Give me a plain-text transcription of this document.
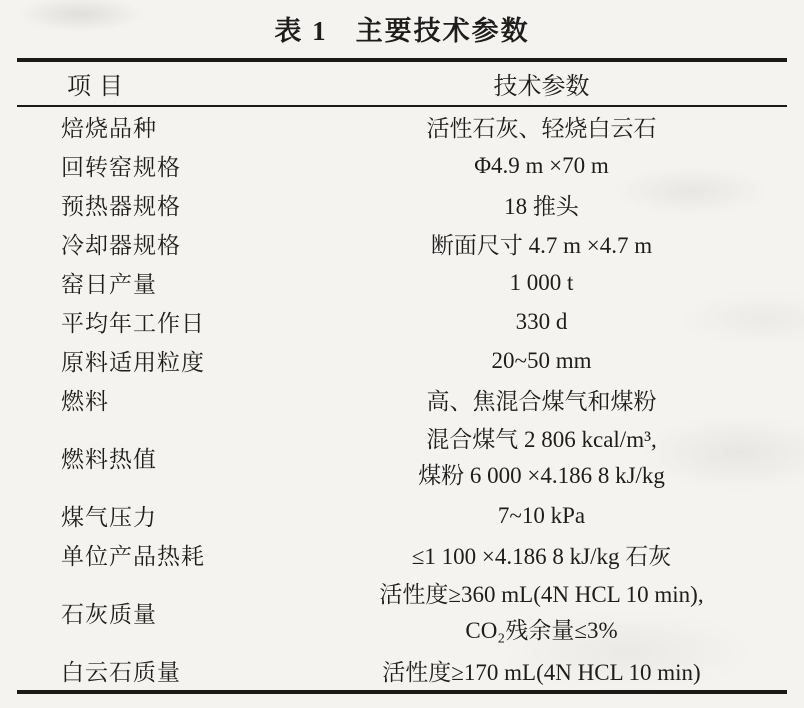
表 1 主要技术参数
项 目	技术参数
焙烧品种	活性石灰、轻烧白云石
回转窑规格	Φ4.9 m ×70 m
预热器规格	18 推头
冷却器规格	断面尺寸 4.7 m ×4.7 m
窑日产量	1 000 t
平均年工作日	330 d
原料适用粒度	20~50 mm
燃料	高、焦混合煤气和煤粉
燃料热值	混合煤气 2 806 kcal/m³,
煤粉 6 000 ×4.186 8 kJ/kg

煤气压力	7~10 kPa
单位产品热耗	≤1 100 ×4.186 8 kJ/kg 石灰
石灰质量	活性度≥360 mL(4N HCL 10 min),
CO₂残余量≤3%

白云石质量	活性度≥170 mL(4N HCL 10 min)
